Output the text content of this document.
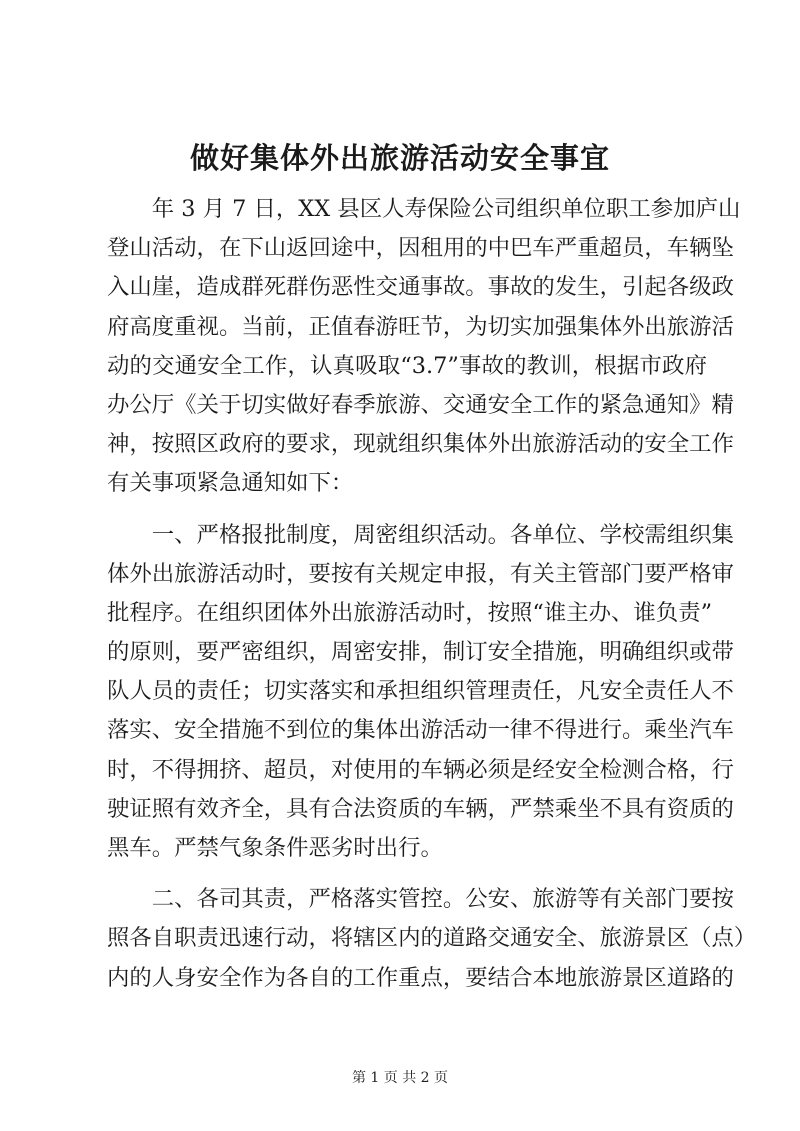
做好集体外出旅游活动安全事宜
　　年 3 月 7 日，XX 县区人寿保险公司组织单位职工参加庐山
登山活动，在下山返回途中，因租用的中巴车严重超员，车辆坠
入山崖，造成群死群伤恶性交通事故。事故的发生，引起各级政
府高度重视。当前，正值春游旺节，为切实加强集体外出旅游活
动的交通安全工作，认真吸取“3.7”事故的教训，根据市政府
办公厅《关于切实做好春季旅游、交通安全工作的紧急通知》精
神，按照区政府的要求，现就组织集体外出旅游活动的安全工作
有关事项紧急通知如下：
　　一、严格报批制度，周密组织活动。各单位、学校需组织集
体外出旅游活动时，要按有关规定申报，有关主管部门要严格审
批程序。在组织团体外出旅游活动时，按照“谁主办、谁负责”
的原则，要严密组织，周密安排，制订安全措施，明确组织或带
队人员的责任；切实落实和承担组织管理责任，凡安全责任人不
落实、安全措施不到位的集体出游活动一律不得进行。乘坐汽车
时，不得拥挤、超员，对使用的车辆必须是经安全检测合格，行
驶证照有效齐全，具有合法资质的车辆，严禁乘坐不具有资质的
黑车。严禁气象条件恶劣时出行。
　　二、各司其责，严格落实管控。公安、旅游等有关部门要按
照各自职责迅速行动，将辖区内的道路交通安全、旅游景区（点）
内的人身安全作为各自的工作重点，要结合本地旅游景区道路的
第 1 页 共 2 页
